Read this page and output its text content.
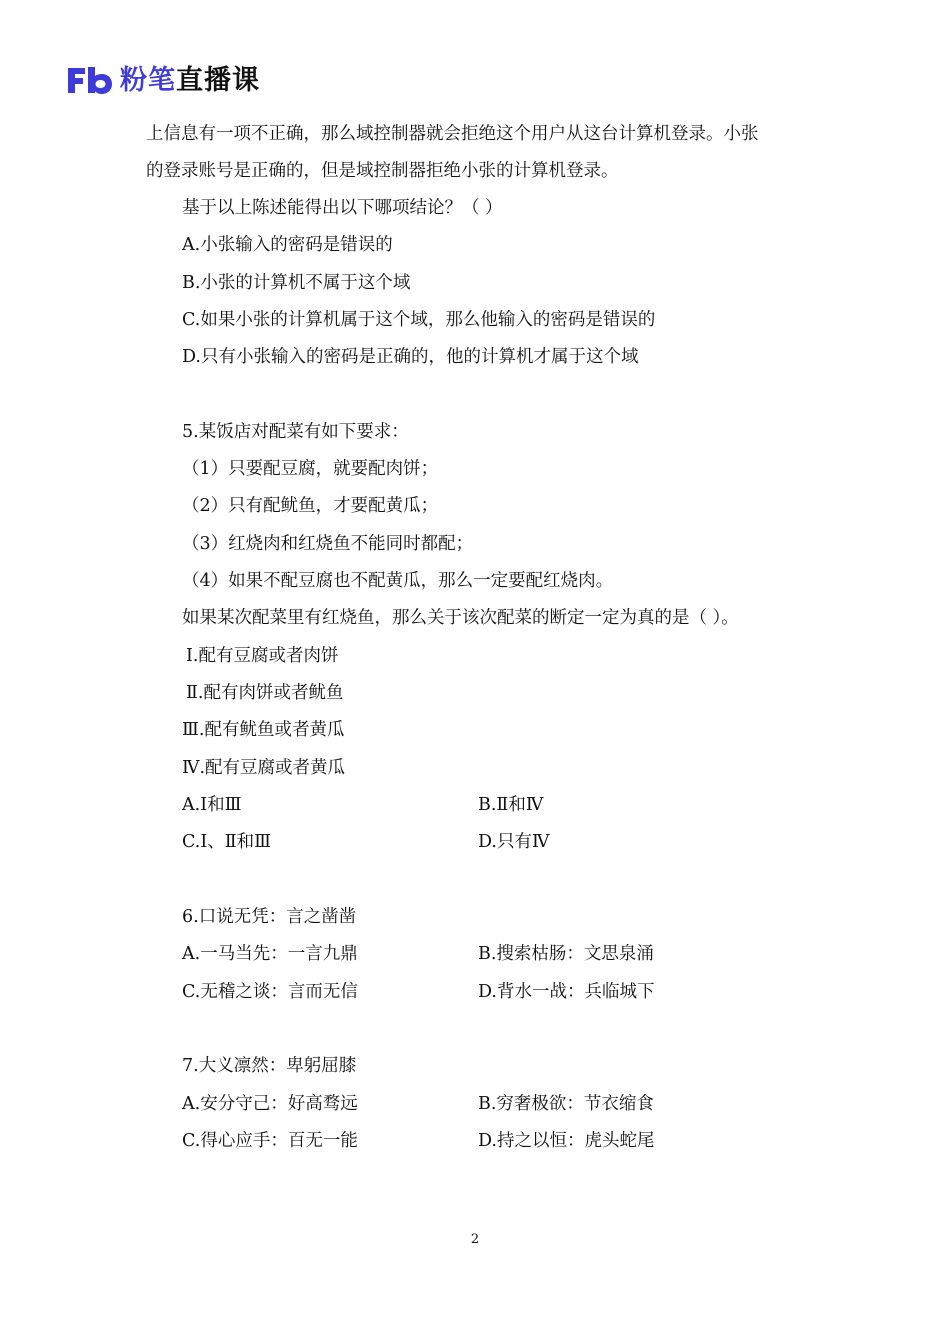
粉笔直播课
上信息有一项不正确，那么域控制器就会拒绝这个用户从这台计算机登录。小张
的登录账号是正确的，但是域控制器拒绝小张的计算机登录。
基于以上陈述能得出以下哪项结论？（ ）
A.小张输入的密码是错误的
B.小张的计算机不属于这个域
C.如果小张的计算机属于这个域，那么他输入的密码是错误的
D.只有小张输入的密码是正确的，他的计算机才属于这个域
5.某饭店对配菜有如下要求：
（1）只要配豆腐，就要配肉饼；
（2）只有配鱿鱼，才要配黄瓜；
（3）红烧肉和红烧鱼不能同时都配；
（4）如果不配豆腐也不配黄瓜，那么一定要配红烧肉。
如果某次配菜里有红烧鱼，那么关于该次配菜的断定一定为真的是（ ）。
Ⅰ.配有豆腐或者肉饼
Ⅱ.配有肉饼或者鱿鱼
Ⅲ.配有鱿鱼或者黄瓜
Ⅳ.配有豆腐或者黄瓜
A.Ⅰ和Ⅲ	B.Ⅱ和Ⅳ
C.Ⅰ、Ⅱ和Ⅲ	D.只有Ⅳ
6.口说无凭：言之凿凿
A.一马当先：一言九鼎	B.搜索枯肠：文思泉涌
C.无稽之谈：言而无信	D.背水一战：兵临城下
7.大义凛然：卑躬屈膝
A.安分守己：好高骛远	B.穷奢极欲：节衣缩食
C.得心应手：百无一能	D.持之以恒：虎头蛇尾
2
